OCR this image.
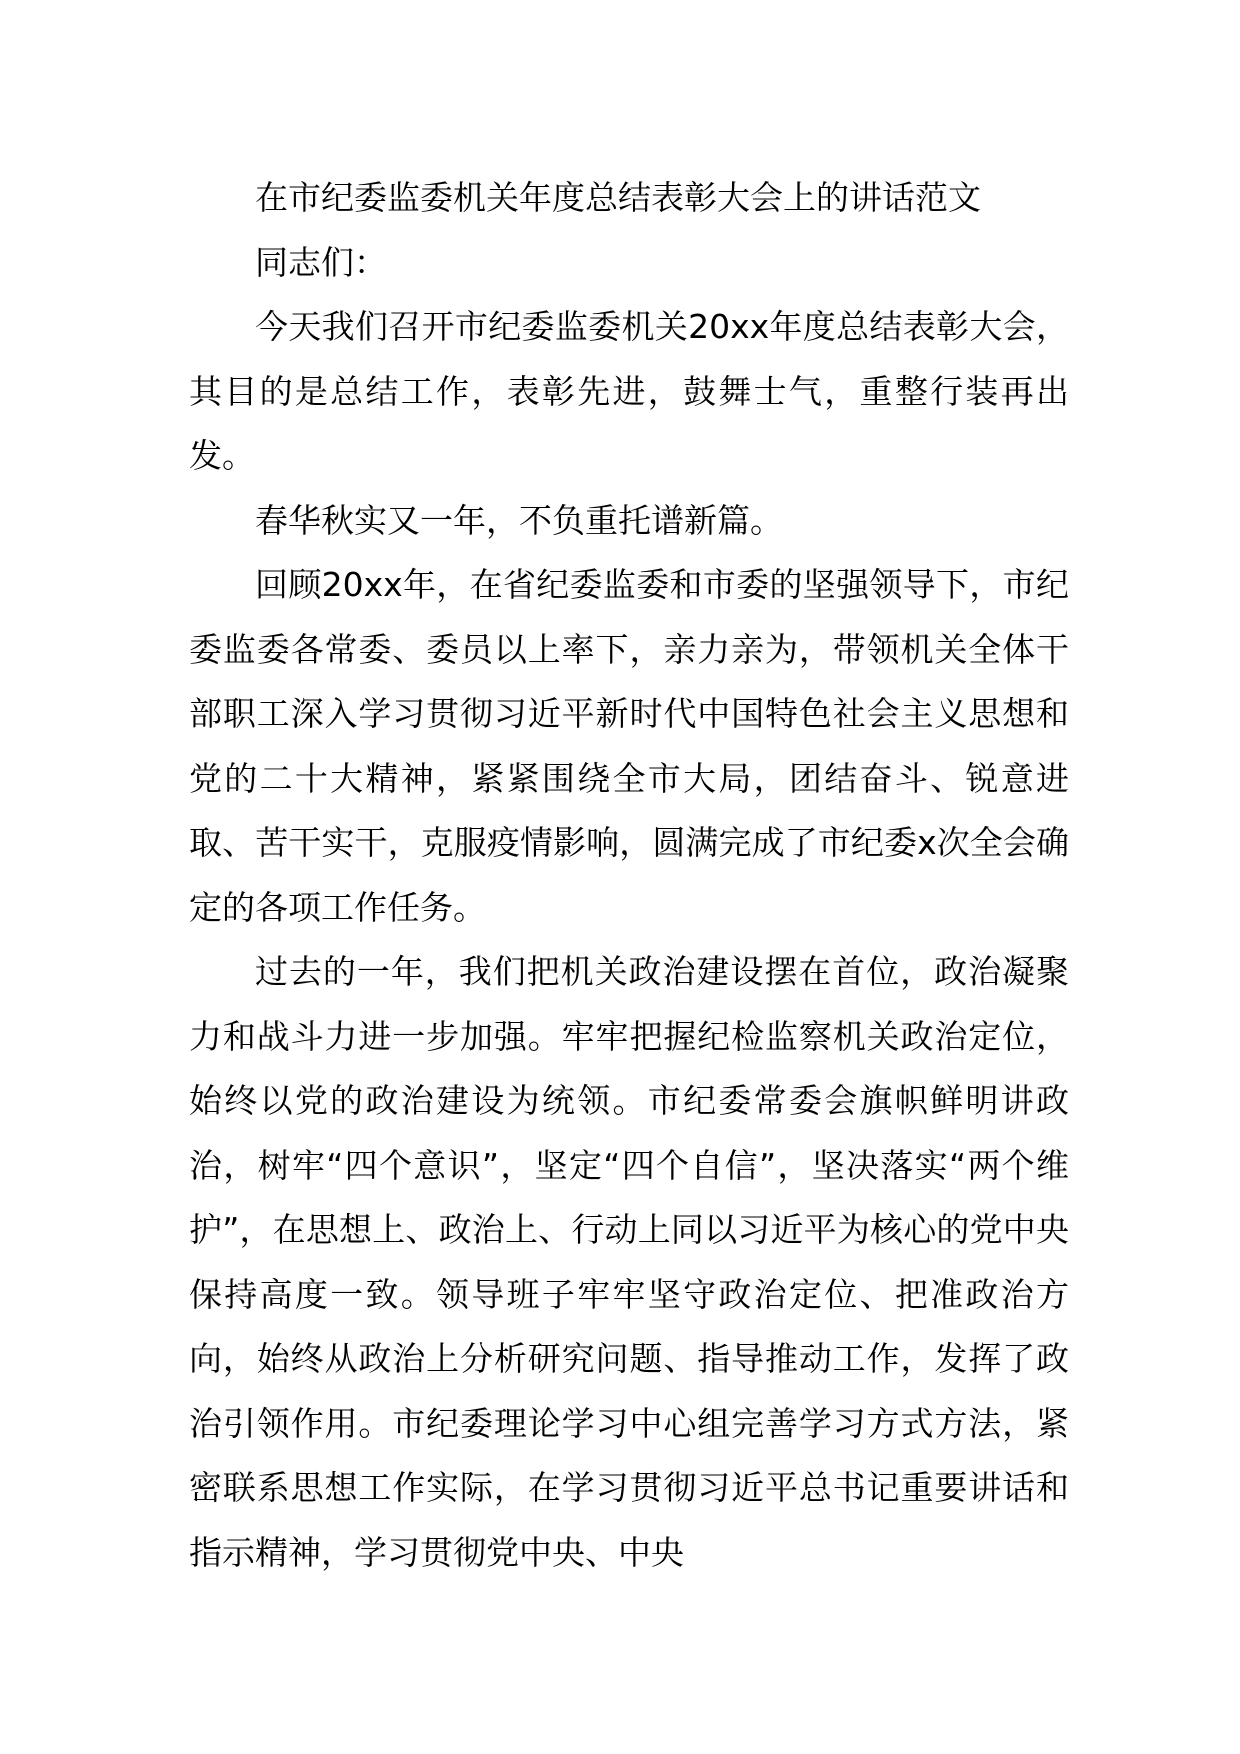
在市纪委监委机关年度总结表彰大会上的讲话范文

同志们：

今天我们召开市纪委监委机关20xx年度总结表彰大会，其目的是总结工作，表彰先进，鼓舞士气，重整行装再出发。

春华秋实又一年，不负重托谱新篇。

回顾20xx年，在省纪委监委和市委的坚强领导下，市纪委监委各常委、委员以上率下，亲力亲为，带领机关全体干部职工深入学习贯彻习近平新时代中国特色社会主义思想和党的二十大精神，紧紧围绕全市大局，团结奋斗、锐意进取、苦干实干，克服疫情影响，圆满完成了市纪委x次全会确定的各项工作任务。

过去的一年，我们把机关政治建设摆在首位，政治凝聚力和战斗力进一步加强。牢牢把握纪检监察机关政治定位，始终以党的政治建设为统领。市纪委常委会旗帜鲜明讲政治，树牢“四个意识”，坚定“四个自信”，坚决落实“两个维护”，在思想上、政治上、行动上同以习近平为核心的党中央保持高度一致。领导班子牢牢坚守政治定位、把准政治方向，始终从政治上分析研究问题、指导推动工作，发挥了政治引领作用。市纪委理论学习中心组完善学习方式方法，紧密联系思想工作实际，在学习贯彻习近平总书记重要讲话和指示精神，学习贯彻党中央、中央
